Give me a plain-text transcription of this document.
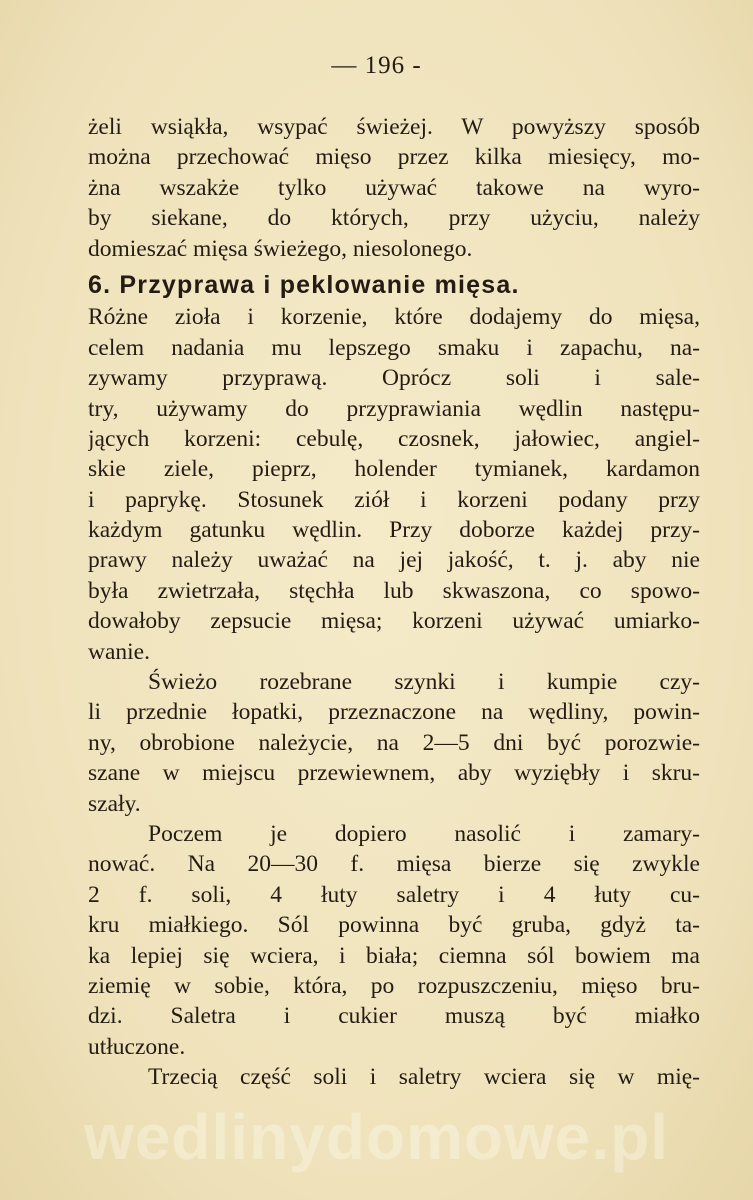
— 196 -
żeli wsiąkła, wsypać świeżej. W powyższy sposób
można przechować mięso przez kilka miesięcy, mo-
żna wszakże tylko używać takowe na wyro-
by siekane, do których, przy użyciu, należy
domieszać mięsa świeżego, niesolonego.
6. Przyprawa i peklowanie mięsa.
Różne zioła i korzenie, które dodajemy do mięsa,
celem nadania mu lepszego smaku i zapachu, na-
zywamy przyprawą. Oprócz soli i sale-
try, używamy do przyprawiania wędlin następu-
jących korzeni: cebulę, czosnek, jałowiec, angiel-
skie ziele, pieprz, holender tymianek, kardamon
i paprykę. Stosunek ziół i korzeni podany przy
każdym gatunku wędlin. Przy doborze każdej przy-
prawy należy uważać na jej jakość, t. j. aby nie
była zwietrzała, stęchła lub skwaszona, co spowo-
dowałoby zepsucie mięsa; korzeni używać umiarko-
wanie.
Świeżo rozebrane szynki i kumpie czy-
li przednie łopatki, przeznaczone na wędliny, powin-
ny, obrobione należycie, na 2—5 dni być porozwie-
szane w miejscu przewiewnem, aby wyziębły i skru-
szały.
Poczem je dopiero nasolić i zamary-
nować. Na 20—30 f. mięsa bierze się zwykle
2 f. soli, 4 łuty saletry i 4 łuty cu-
kru miałkiego. Sól powinna być gruba, gdyż ta-
ka lepiej się wciera, i biała; ciemna sól bowiem ma
ziemię w sobie, która, po rozpuszczeniu, mięso bru-
dzi. Saletra i cukier muszą być miałko
utłuczone.
Trzecią część soli i saletry wciera się w mię-
wedlinydomowe.pl
